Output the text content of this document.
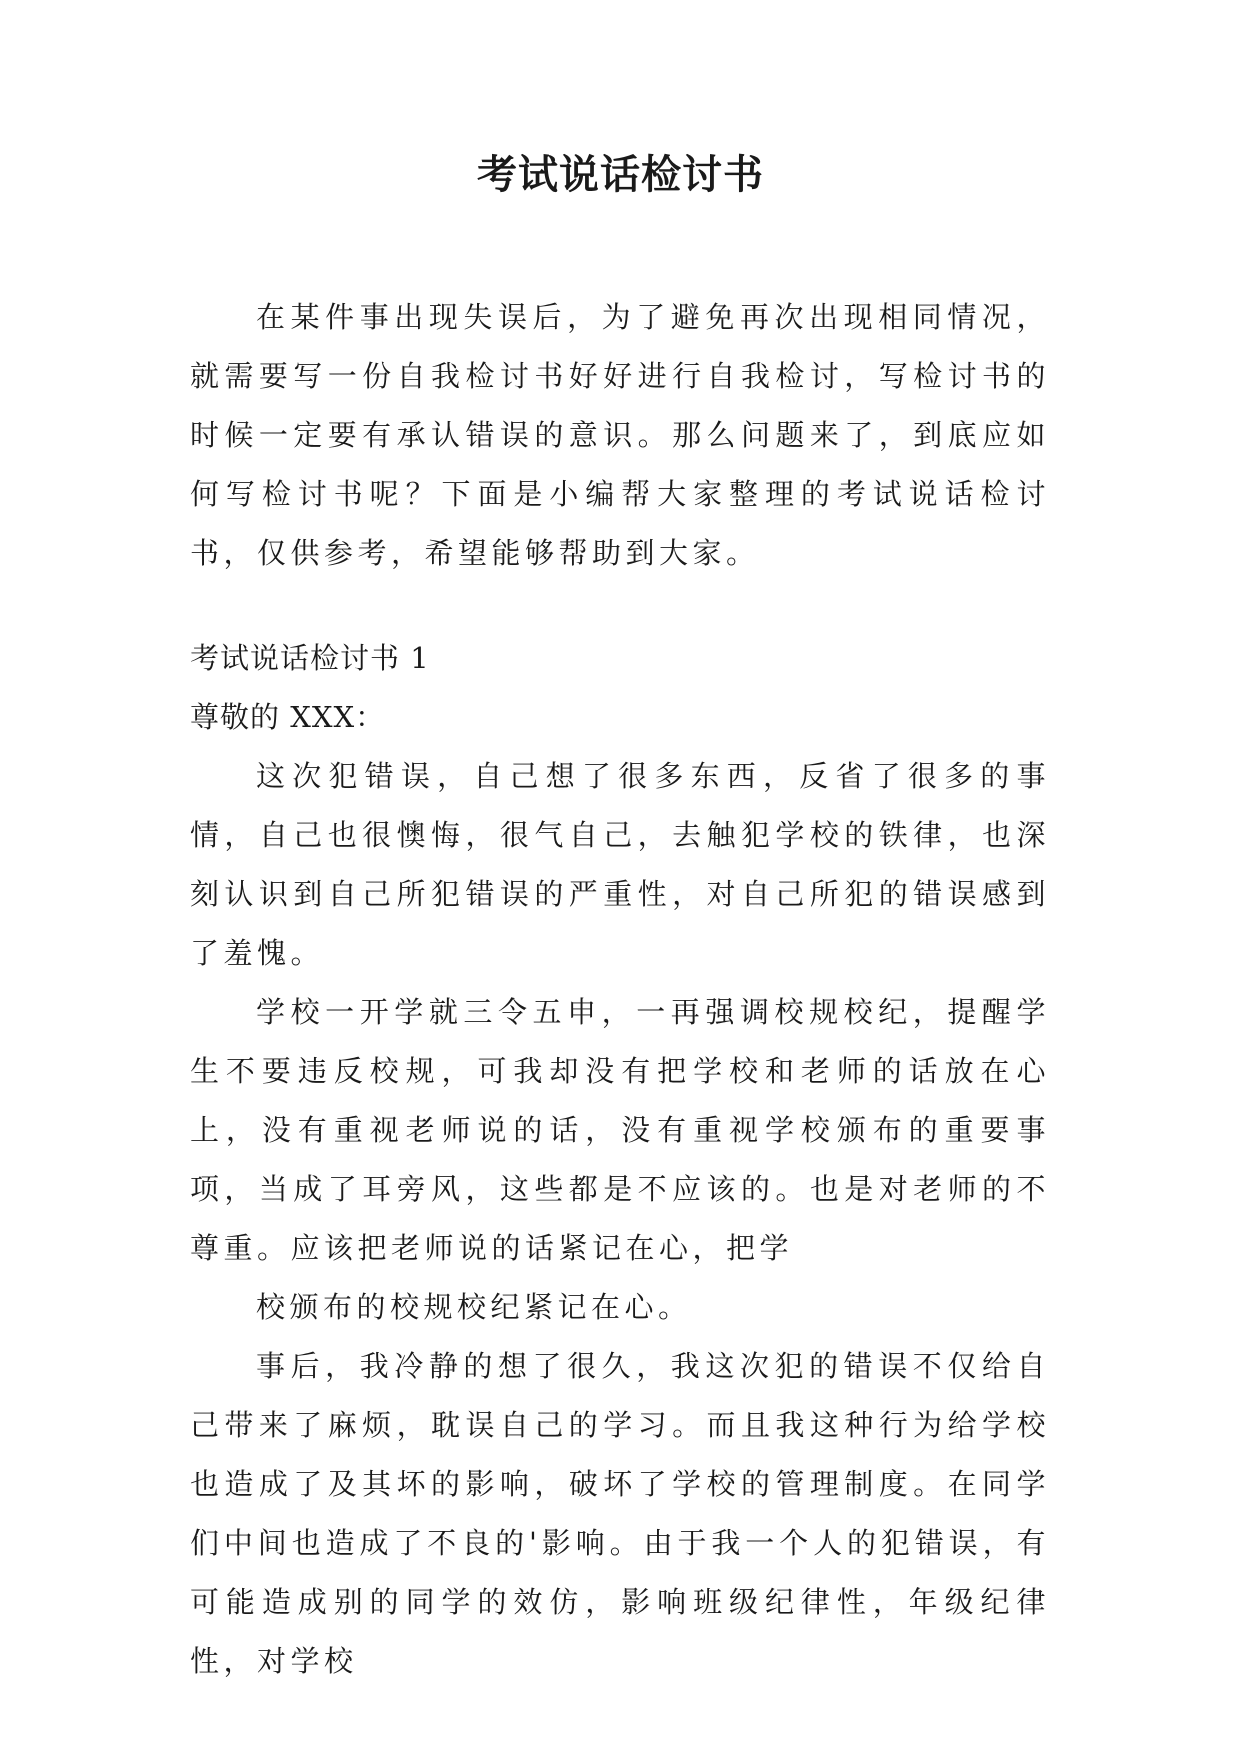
考试说话检讨书

在某件事出现失误后，为了避免再次出现相同情况，就需要写一份自我检讨书好好进行自我检讨，写检讨书的时候一定要有承认错误的意识。那么问题来了，到底应如何写检讨书呢？下面是小编帮大家整理的考试说话检讨书，仅供参考，希望能够帮助到大家。

考试说话检讨书 1

尊敬的 XXX：

这次犯错误，自己想了很多东西，反省了很多的事情，自己也很懊悔，很气自己，去触犯学校的铁律，也深刻认识到自己所犯错误的严重性，对自己所犯的错误感到了羞愧。

学校一开学就三令五申，一再强调校规校纪，提醒学生不要违反校规，可我却没有把学校和老师的话放在心上，没有重视老师说的话，没有重视学校颁布的重要事项，当成了耳旁风，这些都是不应该的。也是对老师的不尊重。应该把老师说的话紧记在心，把学

校颁布的校规校纪紧记在心。

事后，我冷静的想了很久，我这次犯的错误不仅给自己带来了麻烦，耽误自己的学习。而且我这种行为给学校也造成了及其坏的影响，破坏了学校的管理制度。在同学们中间也造成了不良的'影响。由于我一个人的犯错误，有可能造成别的同学的效仿，影响班级纪律性，年级纪律性，对学校
